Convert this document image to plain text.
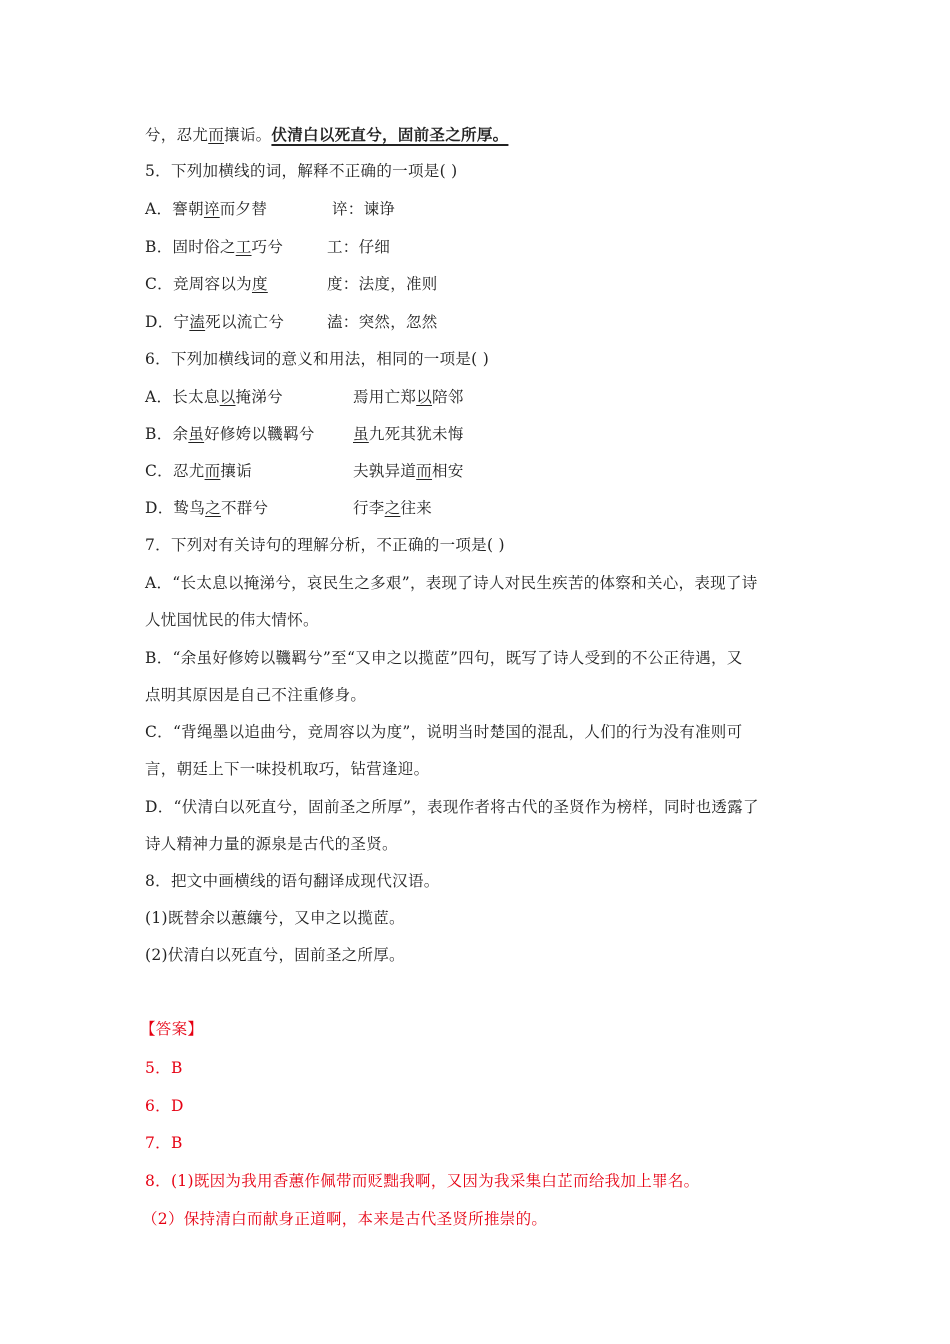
兮，忍尤而攘诟。伏清白以死直兮，固前圣之所厚。
5．下列加横线的词，解释不正确的一项是( )
A．謇朝谇而夕替	谇：谏诤
B．固时俗之工巧兮	工：仔细
C．竞周容以为度	度：法度，准则
D．宁溘死以流亡兮	溘：突然，忽然
6．下列加横线词的意义和用法，相同的一项是( )
A．长太息以掩涕兮	焉用亡郑以陪邻
B．余虽好修姱以鞿羁兮 虽九死其犹未悔
C．忍尤而攘诟	夫孰异道而相安
D．鸷鸟之不群兮	行李之往来
7．下列对有关诗句的理解分析，不正确的一项是( )
A．“长太息以掩涕兮，哀民生之多艰”，表现了诗人对民生疾苦的体察和关心，表现了诗
人忧国忧民的伟大情怀。
B．“余虽好修姱以鞿羁兮”至“又申之以揽茝”四句，既写了诗人受到的不公正待遇，又
点明其原因是自己不注重修身。
C．“背绳墨以追曲兮，竞周容以为度”，说明当时楚国的混乱，人们的行为没有准则可
言，朝廷上下一味投机取巧，钻营逢迎。
D．“伏清白以死直兮，固前圣之所厚”，表现作者将古代的圣贤作为榜样，同时也透露了
诗人精神力量的源泉是古代的圣贤。
8．把文中画横线的语句翻译成现代汉语。
(1)既替余以蕙纕兮，又申之以揽茝。
(2)伏清白以死直兮，固前圣之所厚。
【答案】
5．B
6．D
7．B
8．(1)既因为我用香蕙作佩带而贬黜我啊，又因为我采集白芷而给我加上罪名。
（2）保持清白而献身正道啊，本来是古代圣贤所推崇的。
